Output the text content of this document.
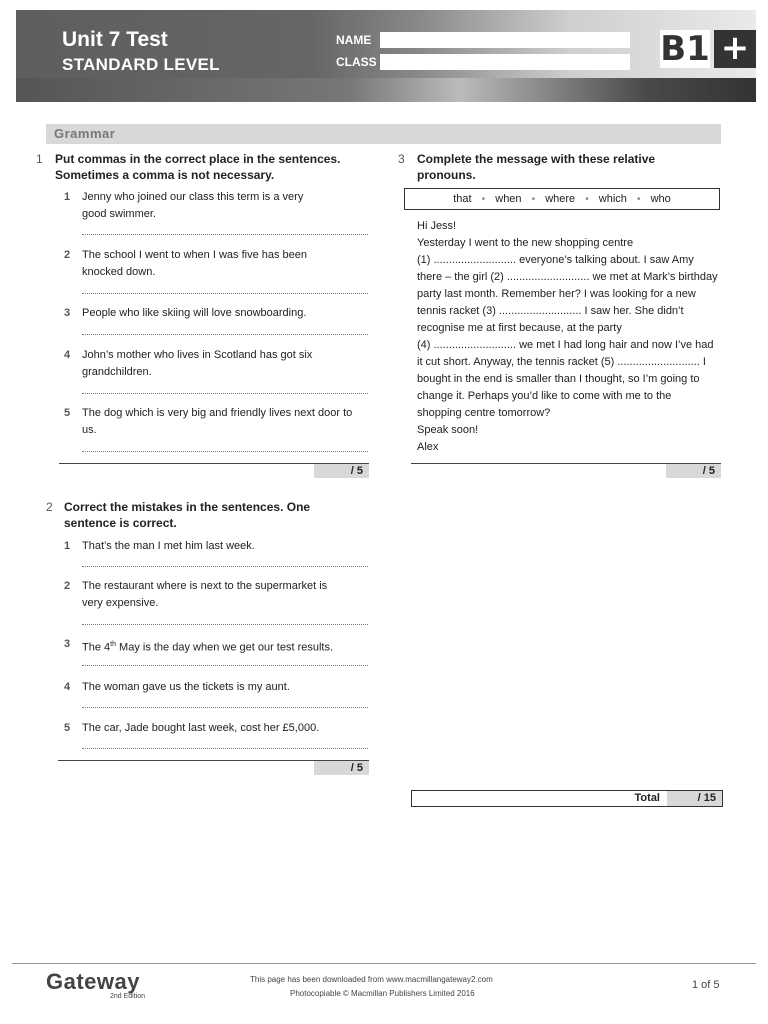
Unit 7 Test
STANDARD LEVEL
NAME
CLASS	B1 +
Grammar
1 Put commas in the correct place in the sentences.
Sometimes a comma is not necessary.
1 Jenny who joined our class this term is a very
good swimmer.
2 The school I went to when I was five has been
knocked down.
3 People who like skiing will love snowboarding.
4 John’s mother who lives in Scotland has got six
grandchildren.
5 The dog which is very big and friendly lives next door to
us.
/ 5
2 Correct the mistakes in the sentences. One
sentence is correct.
1 That’s the man I met him last week.
2 The restaurant where is next to the supermarket is
very expensive.
3 The 4th May is the day when we get our test results.
4 The woman gave us the tickets is my aunt.
5 The car, Jade bought last week, cost her £5,000.
/ 5
3 Complete the message with these relative
pronouns.
that • when • where • which • who
Hi Jess!
Yesterday I went to the new shopping centre
(1) ........................... everyone’s talking about. I saw Amy
there – the girl (2) ........................... we met at Mark’s birthday
party last month. Remember her? I was looking for a new
tennis racket (3) ........................... I saw her. She didn’t
recognise me at first because, at the party
(4) ........................... we met I had long hair and now I’ve had
it cut short. Anyway, the tennis racket (5) ........................... I
bought in the end is smaller than I thought, so I’m going to
change it. Perhaps you’d like to come with me to the
shopping centre tomorrow?
Speak soon!
Alex
/ 5
Total	/ 15
Gateway
2nd Edition
This page has been downloaded from www.macmillangateway2.com
Photocopiable © Macmillan Publishers Limited 2016
1 of 5
